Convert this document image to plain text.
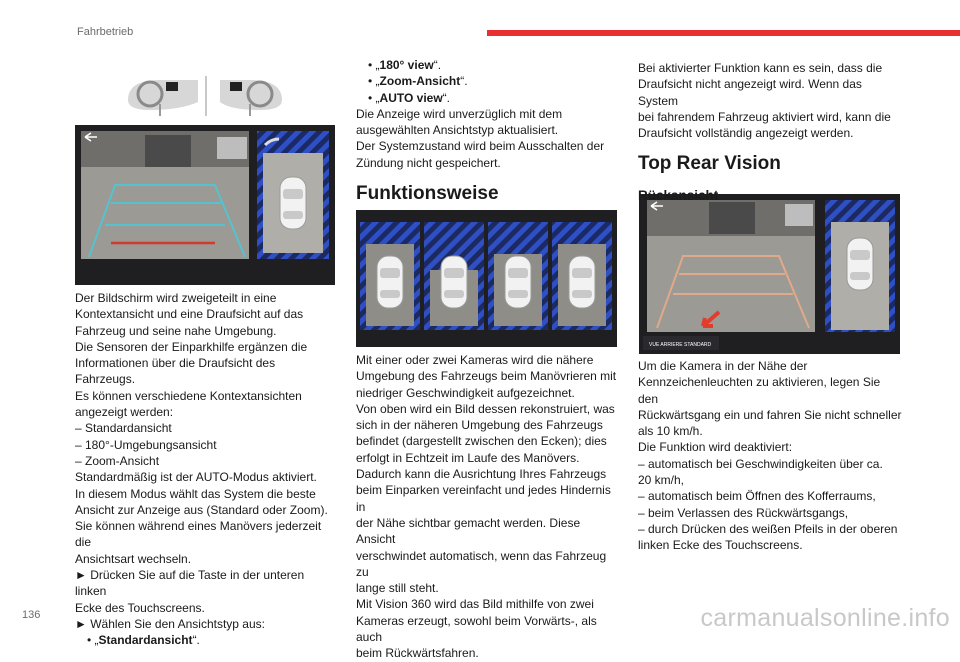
Fahrbetrieb
VUE ARRIERE STANDARD

Der Bildschirm wird zweigeteilt in eine

Kontextansicht und eine Draufsicht auf das

Fahrzeug und seine nahe Umgebung.

Die Sensoren der Einparkhilfe ergänzen die

Informationen über die Draufsicht des Fahrzeugs.

Es können verschiedene Kontextansichten

angezeigt werden:

– Standardansicht

– 180°-Umgebungsansicht

– Zoom-Ansicht

Standardmäßig ist der AUTO-Modus aktiviert.

In diesem Modus wählt das System die beste

Ansicht zur Anzeige aus (Standard oder Zoom).

Sie können während eines Manövers jederzeit die

Ansichtsart wechseln.

► Drücken Sie auf die Taste in der unteren linken

Ecke des Touchscreens.

► Wählen Sie den Ansichtstyp aus:

• „Standardansicht“.

• „180° view“.

• „Zoom-Ansicht“.

• „AUTO view“.

Die Anzeige wird unverzüglich mit dem

ausgewählten Ansichtstyp aktualisiert.

Der Systemzustand wird beim Ausschalten der

Zündung nicht gespeichert.

Funktionsweise

Mit einer oder zwei Kameras wird die nähere

Umgebung des Fahrzeugs beim Manövrieren mit

niedriger Geschwindigkeit aufgezeichnet.

Von oben wird ein Bild dessen rekonstruiert, was

sich in der näheren Umgebung des Fahrzeugs

befindet (dargestellt zwischen den Ecken); dies

erfolgt in Echtzeit im Laufe des Manövers.

Dadurch kann die Ausrichtung Ihres Fahrzeugs

beim Einparken vereinfacht und jedes Hindernis in

der Nähe sichtbar gemacht werden. Diese Ansicht

verschwindet automatisch, wenn das Fahrzeug zu

lange still steht.

Mit Vision 360 wird das Bild mithilfe von zwei

Kameras erzeugt, sowohl beim Vorwärts-, als auch

beim Rückwärtsfahren.

Bei aktivierter Funktion kann es sein, dass die

Draufsicht nicht angezeigt wird. Wenn das System

bei fahrendem Fahrzeug aktiviert wird, kann die

Draufsicht vollständig angezeigt werden.

Top Rear Vision

Rückansicht

Um die Kamera in der Nähe der

Kennzeichenleuchten zu aktivieren, legen Sie den

Rückwärtsgang ein und fahren Sie nicht schneller

als 10 km/h.

Die Funktion wird deaktiviert:

– automatisch bei Geschwindigkeiten über ca.

20 km/h,

– automatisch beim Öffnen des Kofferraums,

– beim Verlassen des Rückwärtsgangs,

– durch Drücken des weißen Pfeils in der oberen

linken Ecke des Touchscreens.

136	carmanualsonline.info
